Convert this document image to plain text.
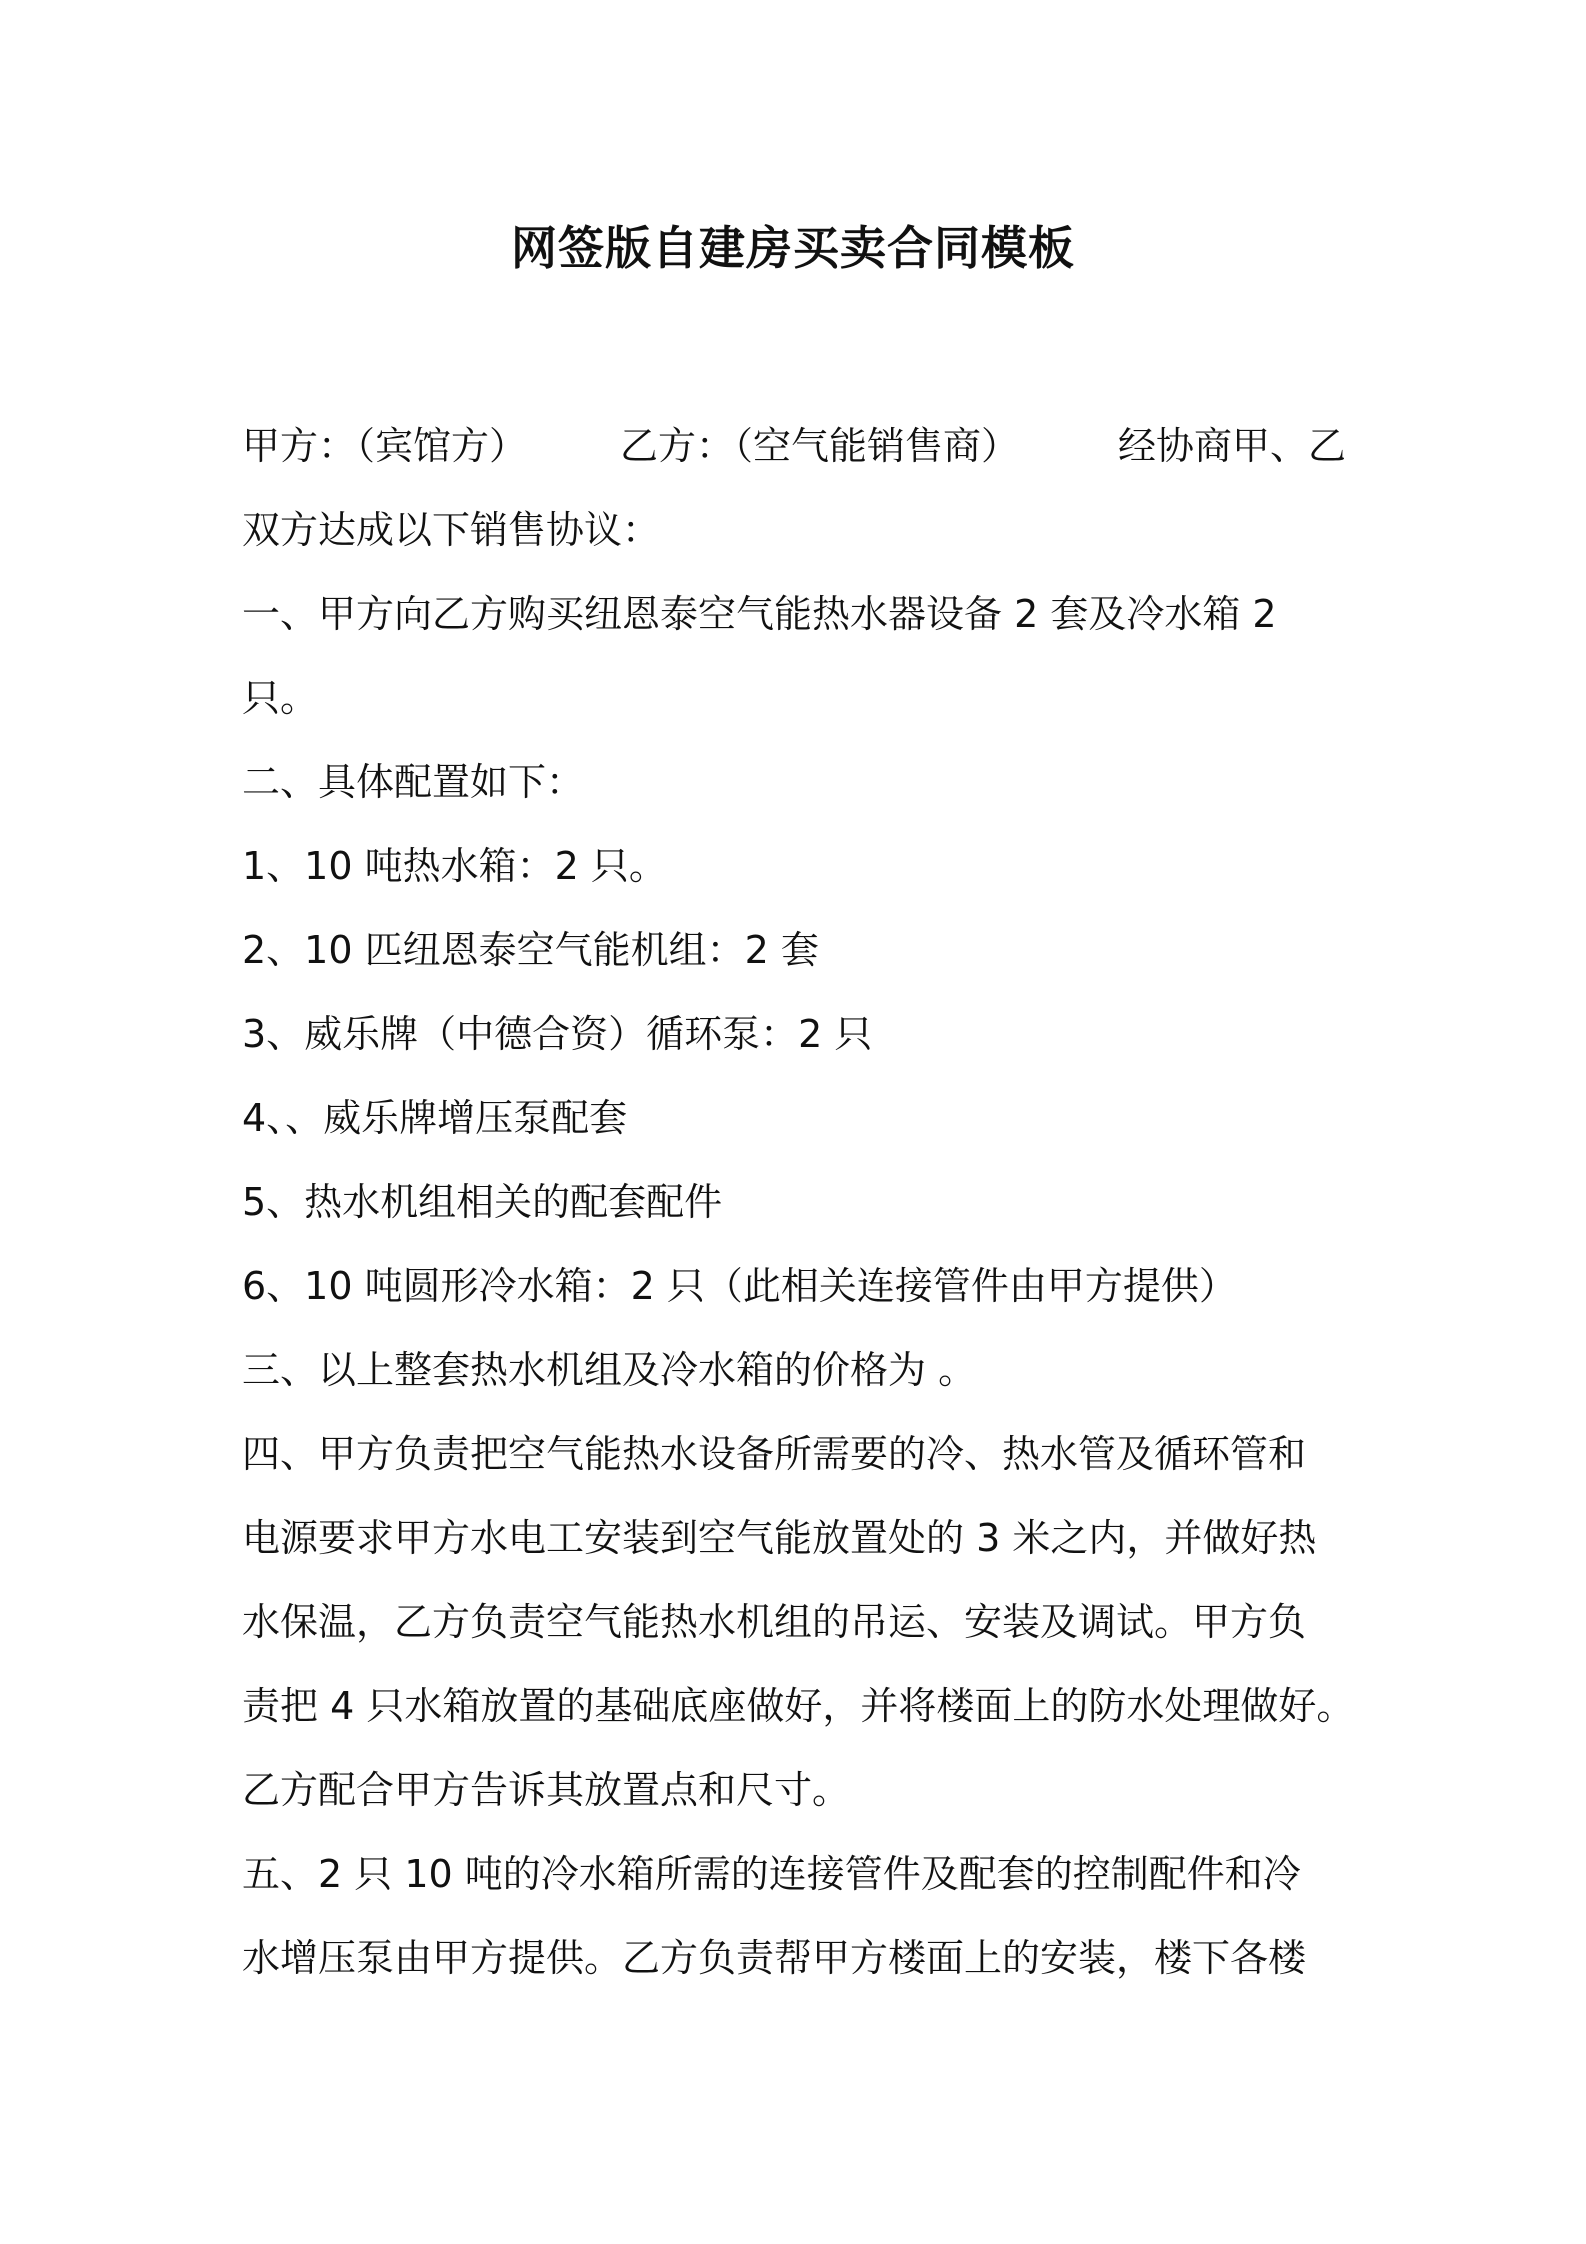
网签版自建房买卖合同模板
甲方：（宾馆方）	乙方：（空气能销售商）	经协商甲、乙
双方达成以下销售协议：
一、甲方向乙方购买纽恩泰空气能热水器设备 2 套及冷水箱 2
只。
二、具体配置如下：
1、10 吨热水箱：2 只。
2、10 匹纽恩泰空气能机组：2 套
3、威乐牌（中德合资）循环泵：2 只
4、、威乐牌增压泵配套
5、热水机组相关的配套配件
6、10 吨圆形冷水箱：2 只（此相关连接管件由甲方提供）
三、以上整套热水机组及冷水箱的价格为 。
四、甲方负责把空气能热水设备所需要的冷、热水管及循环管和
电源要求甲方水电工安装到空气能放置处的 3 米之内，并做好热
水保温，乙方负责空气能热水机组的吊运、安装及调试。甲方负
责把 4 只水箱放置的基础底座做好，并将楼面上的防水处理做好。
乙方配合甲方告诉其放置点和尺寸。
五、2 只 10 吨的冷水箱所需的连接管件及配套的控制配件和冷
水增压泵由甲方提供。乙方负责帮甲方楼面上的安装，楼下各楼
